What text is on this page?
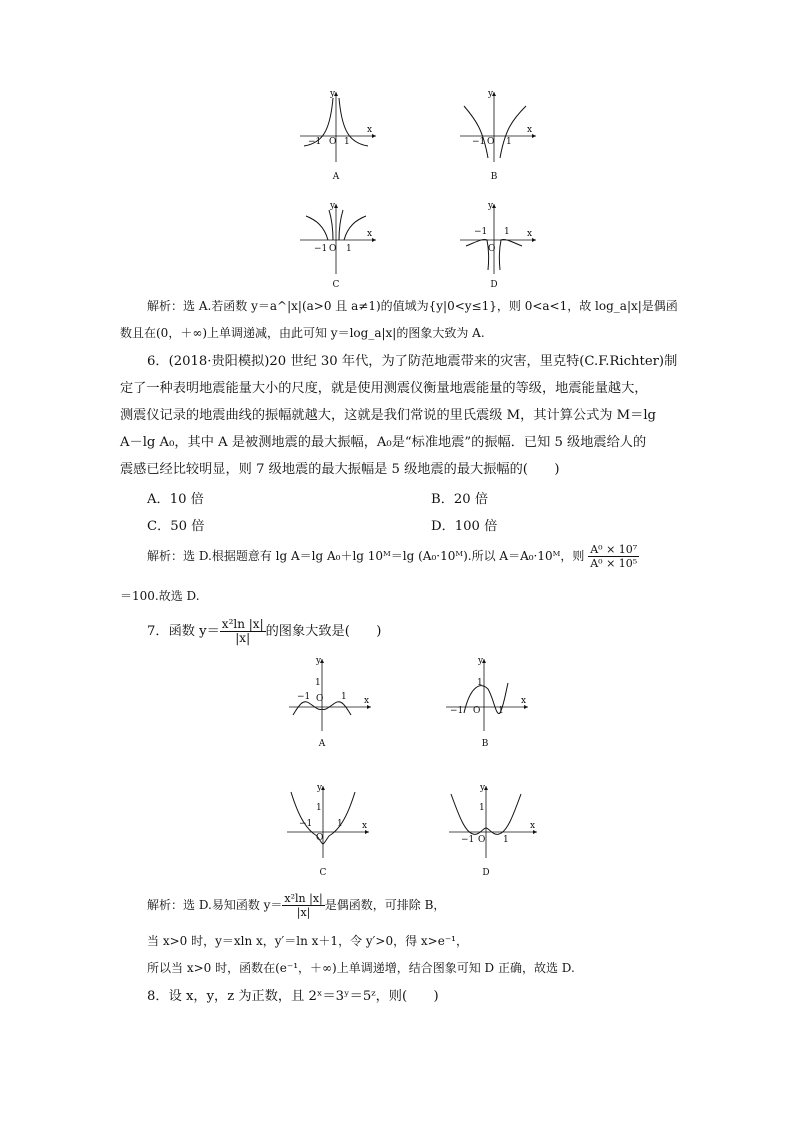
y
x
−1 O 1
A
y
x
−1 O 1
B
y
x
−1 O 1
C
y
x
−1
O
1
D
解析：选 A.若函数 y＝a^|x|(a>0 且 a≠1)的值域为{y|0<y≤1}，则 0<a<1，故 log_a|x|是偶函
数且在(0，＋∞)上单调递减，由此可知 y＝log_a|x|的图象大致为 A.
6．(2018·贵阳模拟)20 世纪 30 年代，为了防范地震带来的灾害，里克特(C.F.Richter)制
定了一种表明地震能量大小的尺度，就是使用测震仪衡量地震能量的等级，地震能量越大，
测震仪记录的地震曲线的振幅就越大，这就是我们常说的里氏震级 M，其计算公式为 M＝lg
A－lg A₀，其中 A 是被测地震的最大振幅，A₀是“标准地震”的振幅．已知 5 级地震给人的
震感已经比较明显，则 7 级地震的最大振幅是 5 级地震的最大振幅的(　　)
A．10 倍	B．20 倍
C．50 倍	D．100 倍
解析：选 D.根据题意有 lg A＝lg A₀＋lg 10ᴹ＝lg (A₀·10ᴹ).所以 A＝A₀·10ᴹ，则 $\frac{\text{A⁰ × 10⁷}}{\text{A⁰ × 10⁵}}$
＝100.故选 D.
7．函数 $y= \frac{\text{x²ln |x|}}{|x|}$ 的图象大致是(　　)
y
x
1
−1 O 1
A
y
x
1
−1 O 1
B
y
x
1
−1
O
1
C
y
x
1
−1 O 1
D
解析：选 D.易知函数 $y= \frac{\text{x²ln |x|}}{|x|}$ 是偶函数，可排除 B，
当 x>0 时，y＝xln x，y′＝ln x＋1，令 y′>0，得 x>e⁻¹，
所以当 x>0 时，函数在(e⁻¹，＋∞)上单调递增，结合图象可知 D 正确，故选 D.
8．设 x，y，z 为正数，且 2ˣ＝3ʸ＝5ᶻ，则(　　)
